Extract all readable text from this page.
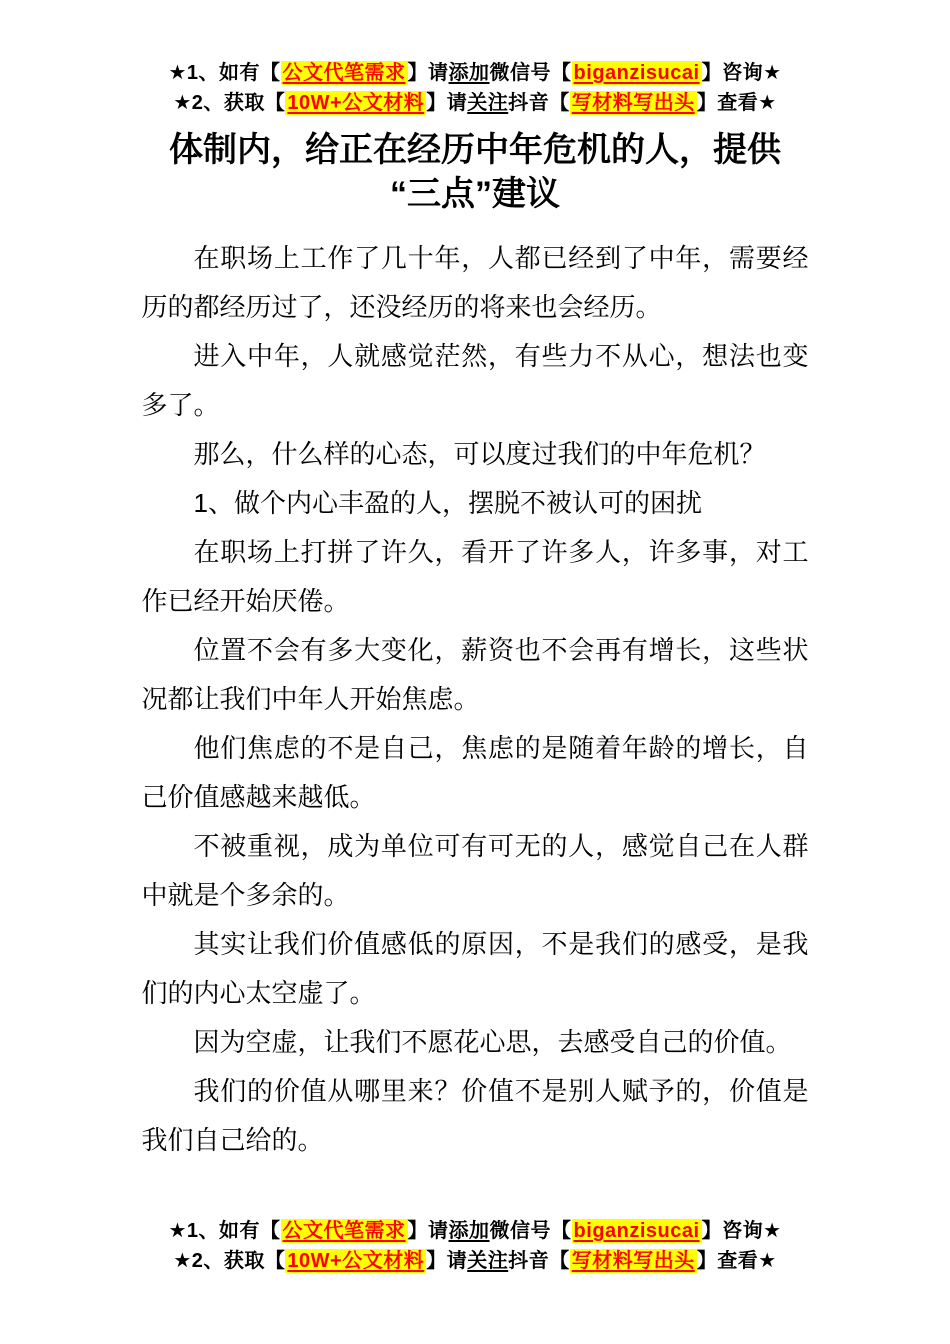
★1、如有【 公文代笔需求 】请添加微信号【 biganzisucai 】咨询★
★2、获取【 10W+公文材料 】请关注抖音【 写材料写出头 】查看★
体制内，给正在经历中年危机的人，提供
“三点”建议

在职场上工作了几十年，人都已经到了中年，需要经历的都经历过了，还没经历的将来也会经历。

进入中年，人就感觉茫然，有些力不从心，想法也变多了。

那么，什么样的心态，可以度过我们的中年危机？

1、做个内心丰盈的人，摆脱不被认可的困扰

在职场上打拼了许久，看开了许多人，许多事，对工作已经开始厌倦。

位置不会有多大变化，薪资也不会再有增长，这些状况都让我们中年人开始焦虑。

他们焦虑的不是自己，焦虑的是随着年龄的增长，自己价值感越来越低。

不被重视，成为单位可有可无的人，感觉自己在人群中就是个多余的。

其实让我们价值感低的原因，不是我们的感受，是我们的内心太空虚了。

因为空虚，让我们不愿花心思，去感受自己的价值。

我们的价值从哪里来？价值不是别人赋予的，价值是我们自己给的。

★1、如有【 公文代笔需求 】请添加微信号【 biganzisucai 】咨询★
★2、获取【 10W+公文材料 】请关注抖音【 写材料写出头 】查看★
